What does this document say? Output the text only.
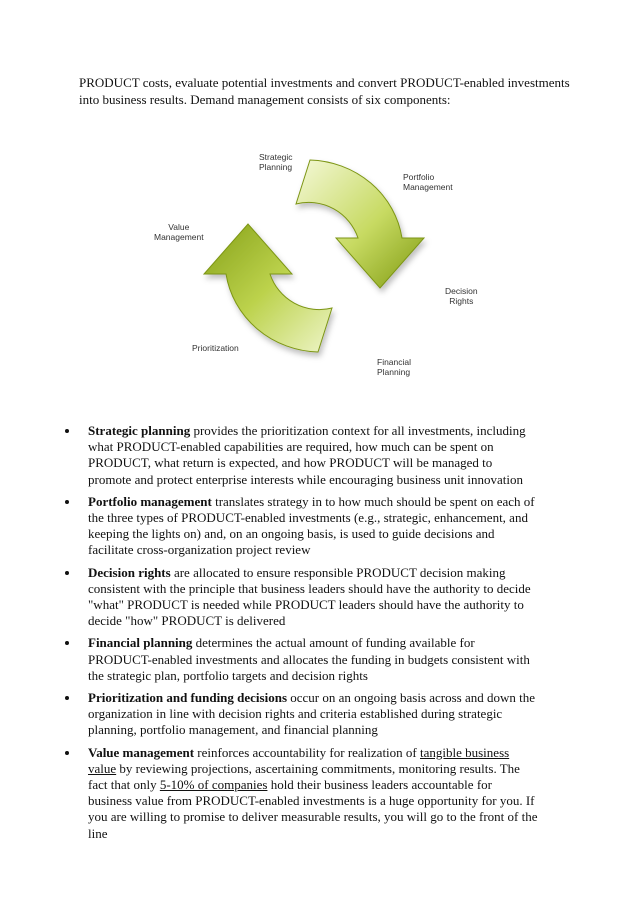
PRODUCT costs, evaluate potential investments and convert PRODUCT-enabled investments into business results. Demand management consists of six components:

Strategic
Planning
Portfolio
Management
Value
Management
Decision
Rights
Prioritization
Financial
Planning
Strategic planning provides the prioritization context for all investments, including what PRODUCT-enabled capabilities are required, how much can be spent on PRODUCT, what return is expected, and how PRODUCT will be managed to promote and protect enterprise interests while encouraging business unit innovation
Portfolio management translates strategy in to how much should be spent on each of the three types of PRODUCT-enabled investments (e.g., strategic, enhancement, and keeping the lights on) and, on an ongoing basis, is used to guide decisions and facilitate cross-organization project review
Decision rights are allocated to ensure responsible PRODUCT decision making consistent with the principle that business leaders should have the authority to decide "what" PRODUCT is needed while PRODUCT leaders should have the authority to decide "how" PRODUCT is delivered
Financial planning determines the actual amount of funding available for PRODUCT-enabled investments and allocates the funding in budgets consistent with the strategic plan, portfolio targets and decision rights
Prioritization and funding decisions occur on an ongoing basis across and down the organization in line with decision rights and criteria established during strategic planning, portfolio management, and financial planning
Value management reinforces accountability for realization of tangible business value by reviewing projections, ascertaining commitments, monitoring results. The fact that only 5-10% of companies hold their business leaders accountable for business value from PRODUCT-enabled investments is a huge opportunity for you. If you are willing to promise to deliver measurable results, you will go to the front of the line
